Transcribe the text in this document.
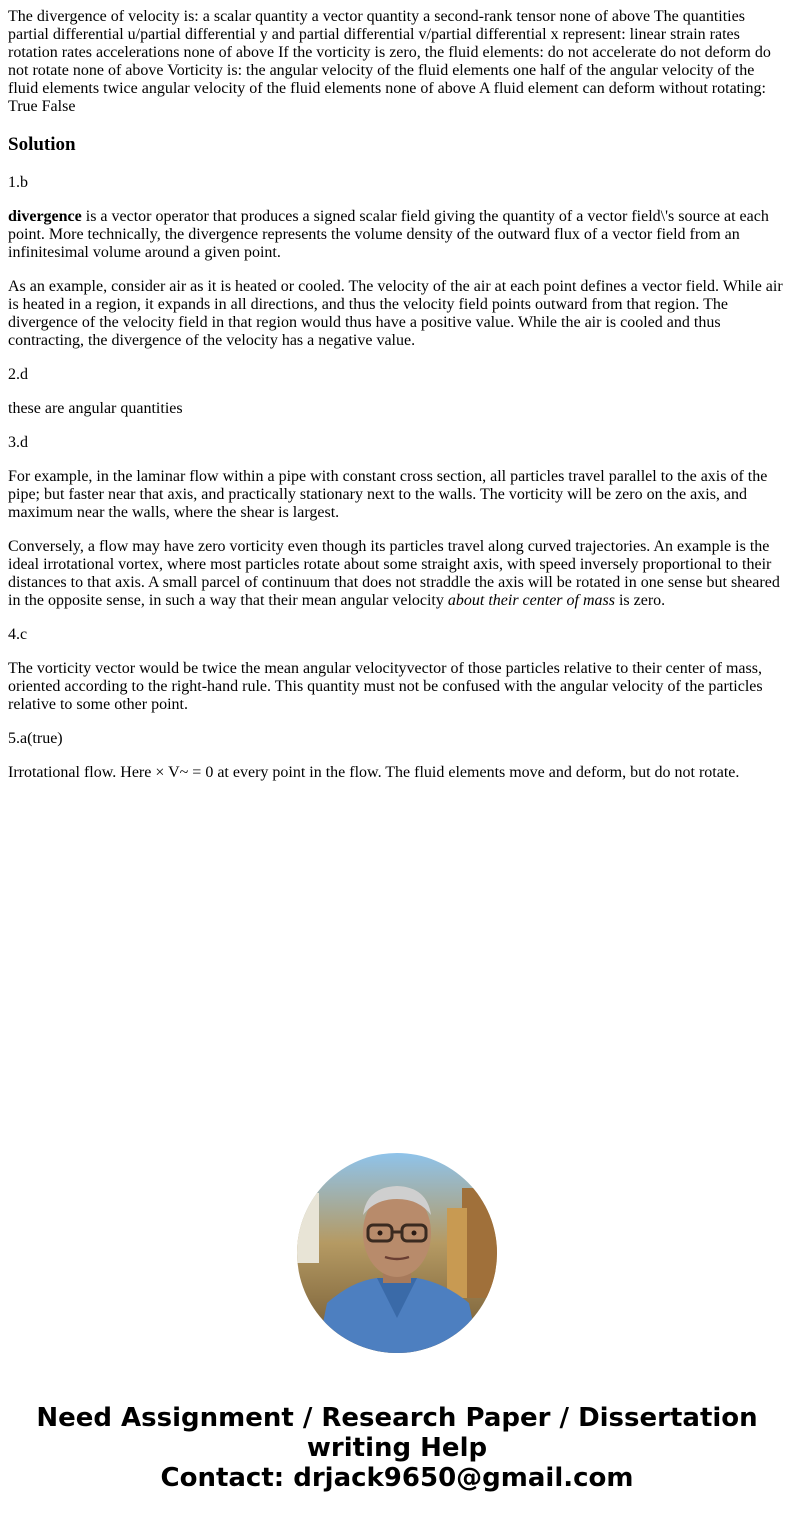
The divergence of velocity is: a scalar quantity a vector quantity a second-rank tensor none of above The quantities partial differential u/partial differential y and partial differential v/partial differential x represent: linear strain rates rotation rates accelerations none of above If the vorticity is zero, the fluid elements: do not accelerate do not deform do not rotate none of above Vorticity is: the angular velocity of the fluid elements one half of the angular velocity of the fluid elements twice angular velocity of the fluid elements none of above A fluid element can deform without rotating: True False

Solution

1.b

divergence is a vector operator that produces a signed scalar field giving the quantity of a vector field\'s source at each point. More technically, the divergence represents the volume density of the outward flux of a vector field from an infinitesimal volume around a given point.

As an example, consider air as it is heated or cooled. The velocity of the air at each point defines a vector field. While air is heated in a region, it expands in all directions, and thus the velocity field points outward from that region. The divergence of the velocity field in that region would thus have a positive value. While the air is cooled and thus contracting, the divergence of the velocity has a negative value.

2.d

these are angular quantities

3.d

For example, in the laminar flow within a pipe with constant cross section, all particles travel parallel to the axis of the pipe; but faster near that axis, and practically stationary next to the walls. The vorticity will be zero on the axis, and maximum near the walls, where the shear is largest.

Conversely, a flow may have zero vorticity even though its particles travel along curved trajectories. An example is the ideal irrotational vortex, where most particles rotate about some straight axis, with speed inversely proportional to their distances to that axis. A small parcel of continuum that does not straddle the axis will be rotated in one sense but sheared in the opposite sense, in such a way that their mean angular velocity about their center of mass is zero.

4.c

The vorticity vector would be twice the mean angular velocityvector of those particles relative to their center of mass, oriented according to the right-hand rule. This quantity must not be confused with the angular velocity of the particles relative to some other point.

5.a(true)

Irrotational flow. Here × V~ = 0 at every point in the flow. The fluid elements move and deform, but do not rotate.

Need Assignment / Research Paper / Dissertation
writing Help
Contact: drjack9650@gmail.com
